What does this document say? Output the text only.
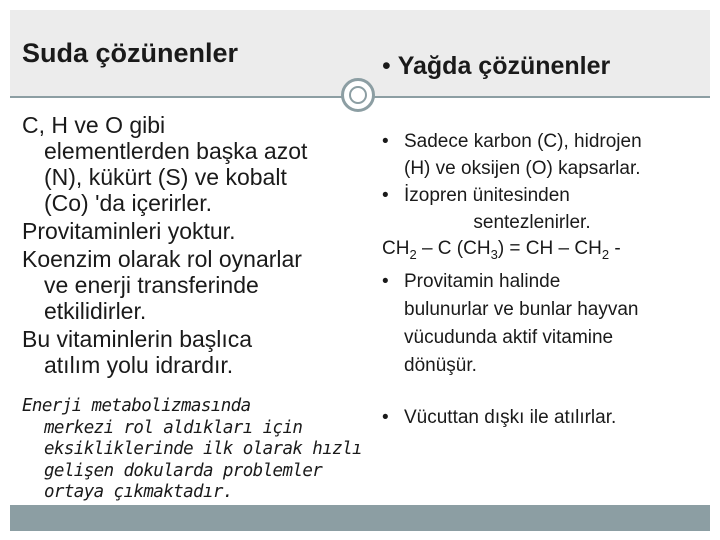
Suda çözünenler	• Yağda çözünenler

C, H ve O gibi
elementlerden başka azot
(N), kükürt (S) ve kobalt
(Co) 'da içerirler.

Provitaminleri yoktur.

Koenzim olarak rol oynarlar
ve enerji transferinde
etkilidirler.

Bu vitaminlerin başlıca
atılım yolu idrardır.

Enerji metabolizmasında
merkezi rol aldıkları için
eksikliklerinde ilk olarak hızlı
gelişen dokularda problemler
ortaya çıkmaktadır.

• Sadece karbon (C), hidrojen
(H) ve oksijen (O) kapsarlar.

• İzopren ünitesinden
sentezlenirler.

$CH_2$ – C $(CH_3)$ = CH – $CH_2$ -

• Provitamin halinde
bulunurlar ve bunlar hayvan
vücudunda aktif vitamine
dönüşür.

• Vücuttan dışkı ile atılırlar.
